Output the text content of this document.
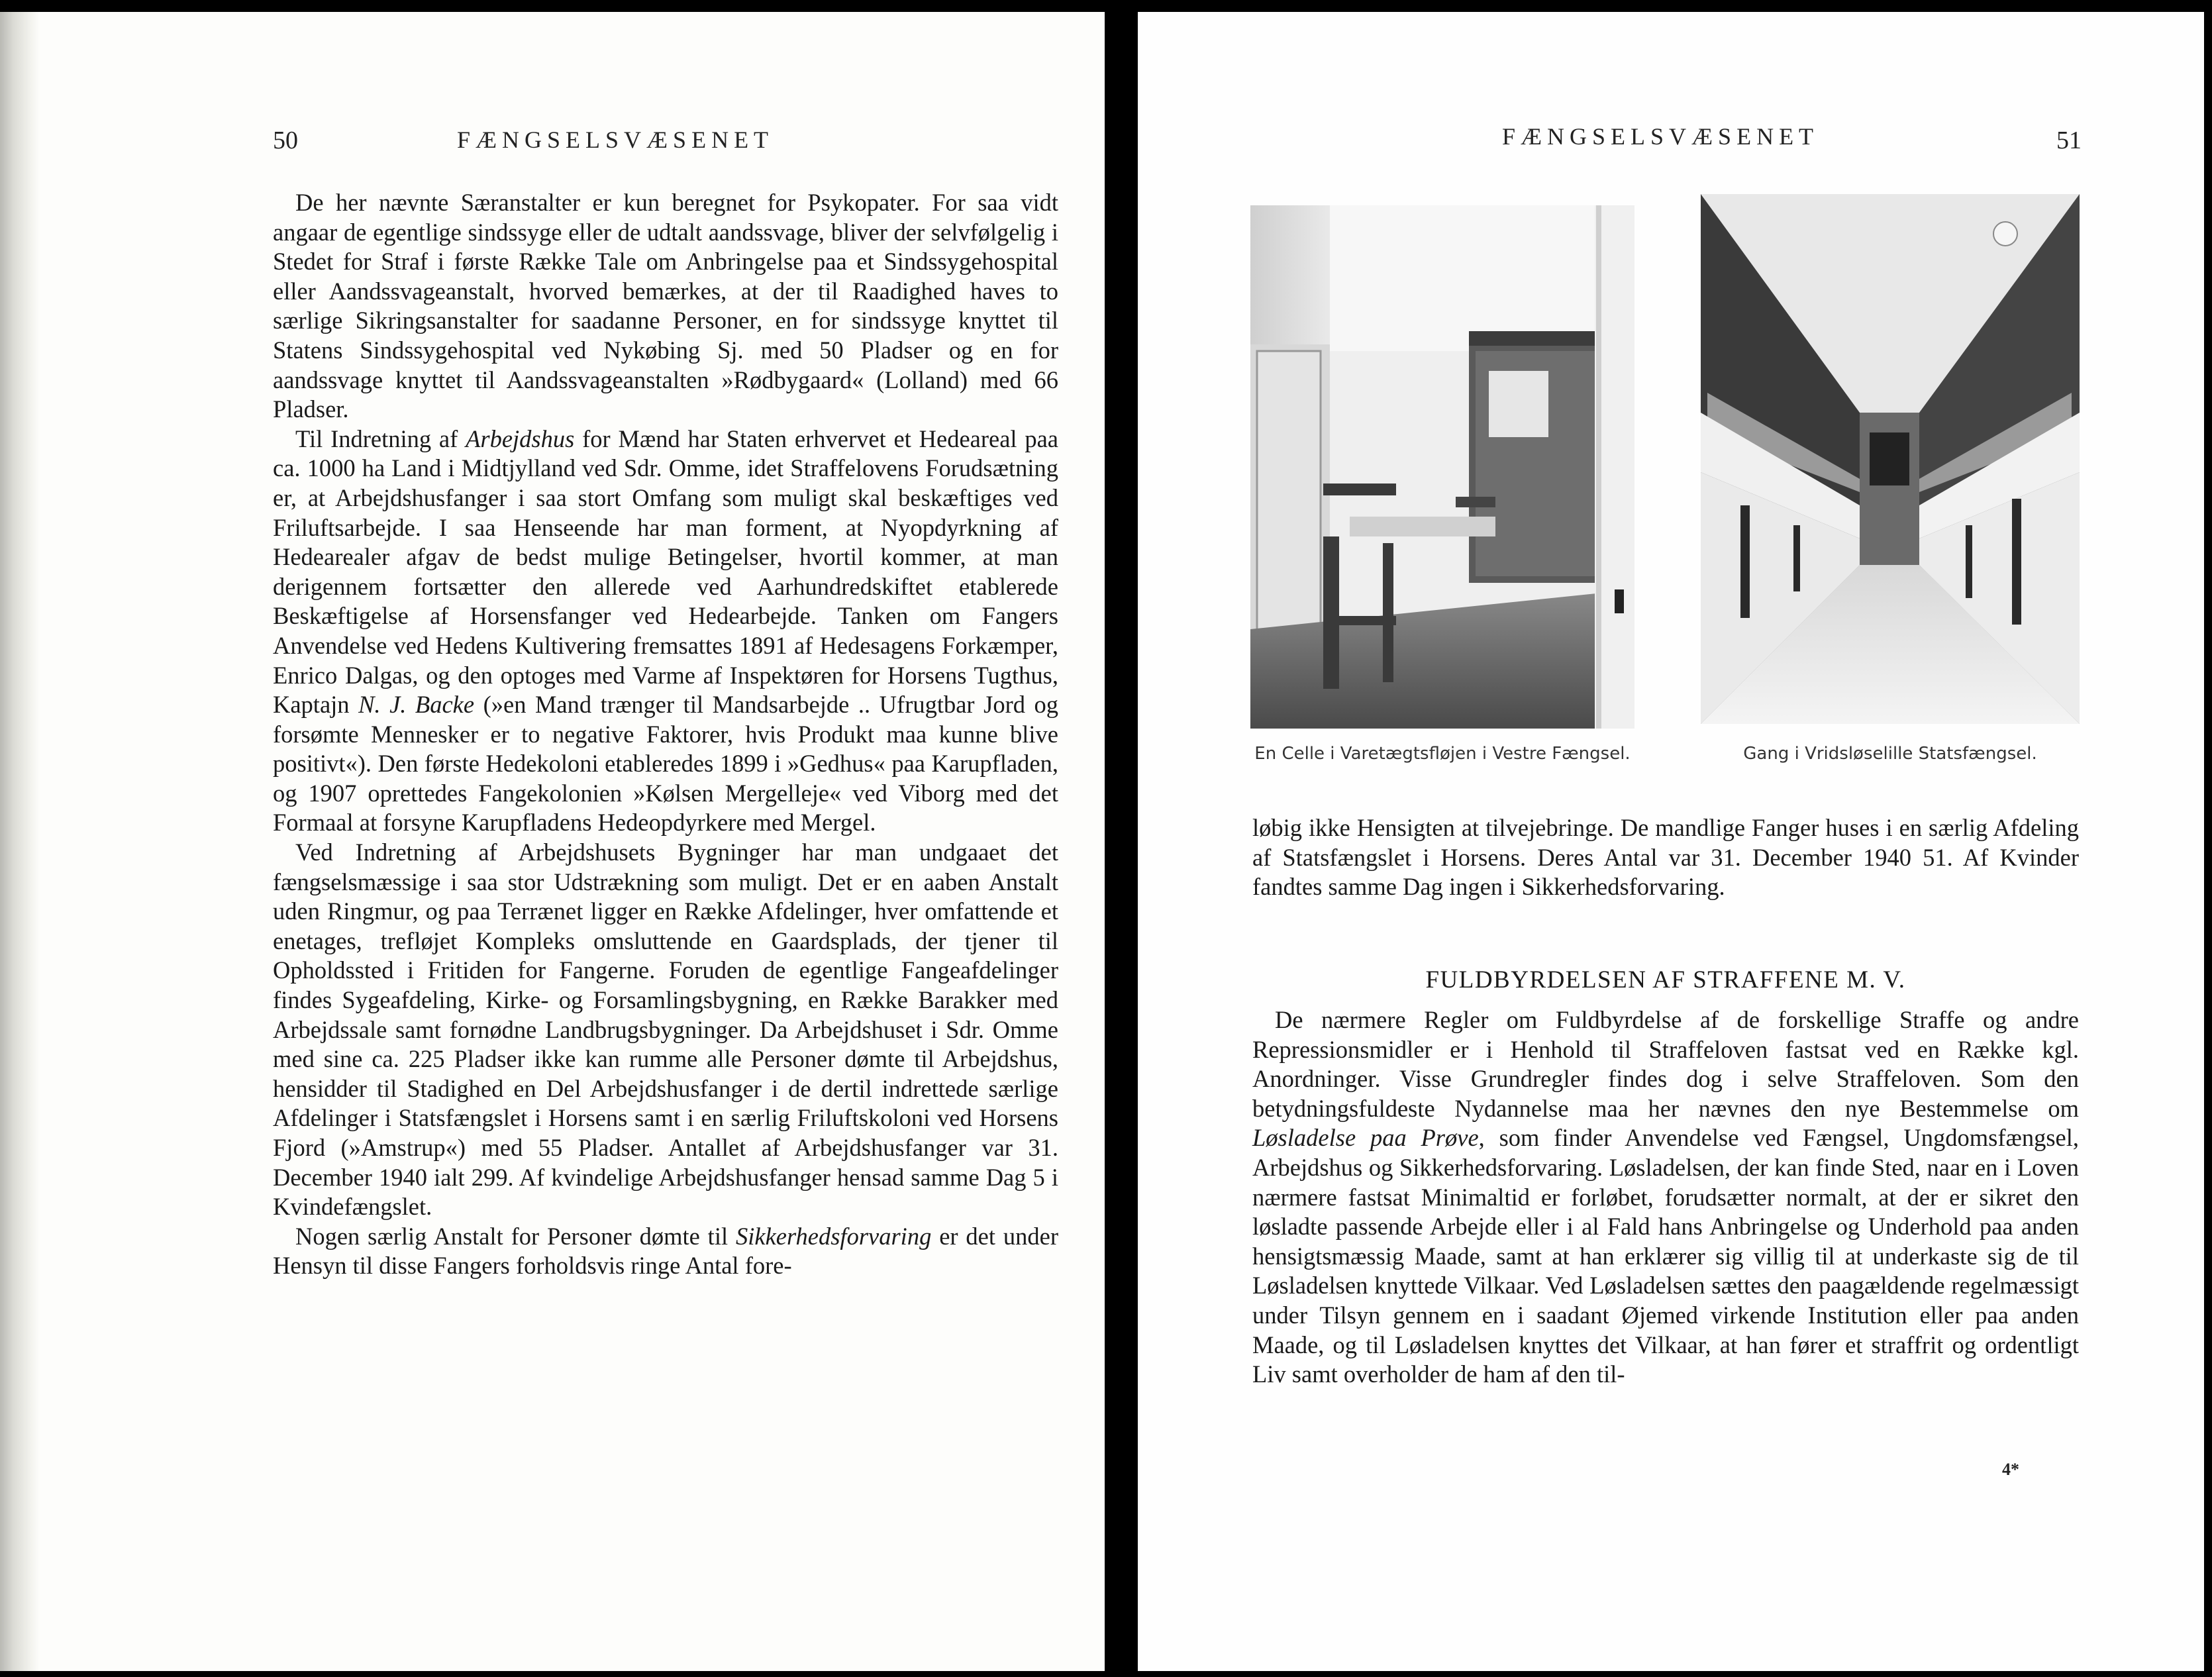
50	FÆNGSELSVÆSENET

De her nævnte Særanstalter er kun beregnet for Psykopater. For saa vidt angaar de egentlige sindssyge eller de udtalt aandssvage, bliver der selvfølgelig i Stedet for Straf i første Række Tale om Anbringelse paa et Sindssygehospital eller Aandssvageanstalt, hvorved bemærkes, at der til Raadighed haves to særlige Sikringsanstalter for saadanne Personer, en for sindssyge knyttet til Statens Sindssygehospital ved Nykøbing Sj. med 50 Pladser og en for aandssvage knyttet til Aandssvageanstalten »Rødbygaard« (Lolland) med 66 Pladser.

Til Indretning af Arbejdshus for Mænd har Staten erhvervet et Hedeareal paa ca. 1000 ha Land i Midtjylland ved Sdr. Omme, idet Straffelovens Forudsætning er, at Arbejdshusfanger i saa stort Omfang som muligt skal beskæftiges ved Friluftsarbejde. I saa Henseende har man forment, at Nyopdyrkning af Hedearealer afgav de bedst mulige Betingelser, hvortil kommer, at man derigennem fortsætter den allerede ved Aarhundredskiftet etablerede Beskæftigelse af Horsensfanger ved Hedearbejde. Tanken om Fangers Anvendelse ved Hedens Kultivering fremsattes 1891 af Hedesagens Forkæmper, Enrico Dalgas, og den optoges med Varme af Inspektøren for Horsens Tugthus, Kaptajn N. J. Backe (»en Mand trænger til Mandsarbejde .. Ufrugtbar Jord og forsømte Mennesker er to negative Faktorer, hvis Produkt maa kunne blive positivt«). Den første Hedekoloni etableredes 1899 i »Gedhus« paa Karupfladen, og 1907 oprettedes Fangekolonien »Kølsen Mergelleje« ved Viborg med det Formaal at forsyne Karupfladens Hedeopdyrkere med Mergel.

Ved Indretning af Arbejdshusets Bygninger har man undgaaet det fængselsmæssige i saa stor Udstrækning som muligt. Det er en aaben Anstalt uden Ringmur, og paa Terrænet ligger en Række Afdelinger, hver omfattende et enetages, trefløjet Kompleks omsluttende en Gaardsplads, der tjener til Opholdssted i Fritiden for Fangerne. Foruden de egentlige Fangeafdelinger findes Sygeafdeling, Kirke- og Forsamlingsbygning, en Række Barakker med Arbejdssale samt fornødne Landbrugsbygninger. Da Arbejdshuset i Sdr. Omme med sine ca. 225 Pladser ikke kan rumme alle Personer dømte til Arbejdshus, hensidder til Stadighed en Del Arbejdshusfanger i de dertil indrettede særlige Afdelinger i Statsfængslet i Horsens samt i en særlig Friluftskoloni ved Horsens Fjord (»Amstrup«) med 55 Pladser. Antallet af Arbejdshusfanger var 31. December 1940 ialt 299. Af kvindelige Arbejdshusfanger hensad samme Dag 5 i Kvindefængslet.

Nogen særlig Anstalt for Personer dømte til Sikkerhedsforvaring er det under Hensyn til disse Fangers forholdsvis ringe Antal fore-

FÆNGSELSVÆSENET	51
En Celle i Varetægtsfløjen i Vestre Fængsel.	Gang i Vridsløselille Statsfængsel.

løbig ikke Hensigten at tilvejebringe. De mandlige Fanger huses i en særlig Afdeling af Statsfængslet i Horsens. Deres Antal var 31. December 1940 51. Af Kvinder fandtes samme Dag ingen i Sikkerhedsforvaring.

FULDBYRDELSEN AF STRAFFENE M. V.

De nærmere Regler om Fuldbyrdelse af de forskellige Straffe og andre Repressionsmidler er i Henhold til Straffeloven fastsat ved en Række kgl. Anordninger. Visse Grundregler findes dog i selve Straffeloven. Som den betydningsfuldeste Nydannelse maa her nævnes den nye Bestemmelse om Løsladelse paa Prøve, som finder Anvendelse ved Fængsel, Ungdomsfængsel, Arbejdshus og Sikkerhedsforvaring. Løsladelsen, der kan finde Sted, naar en i Loven nærmere fastsat Minimaltid er forløbet, forudsætter normalt, at der er sikret den løsladte passende Arbejde eller i al Fald hans Anbringelse og Underhold paa anden hensigtsmæssig Maade, samt at han erklærer sig villig til at underkaste sig de til Løsladelsen knyttede Vilkaar. Ved Løsladelsen sættes den paagældende regelmæssigt under Tilsyn gennem en i saadant Øjemed virkende Institution eller paa anden Maade, og til Løsladelsen knyttes det Vilkaar, at han fører et straffrit og ordentligt Liv samt overholder de ham af den til-

4*
